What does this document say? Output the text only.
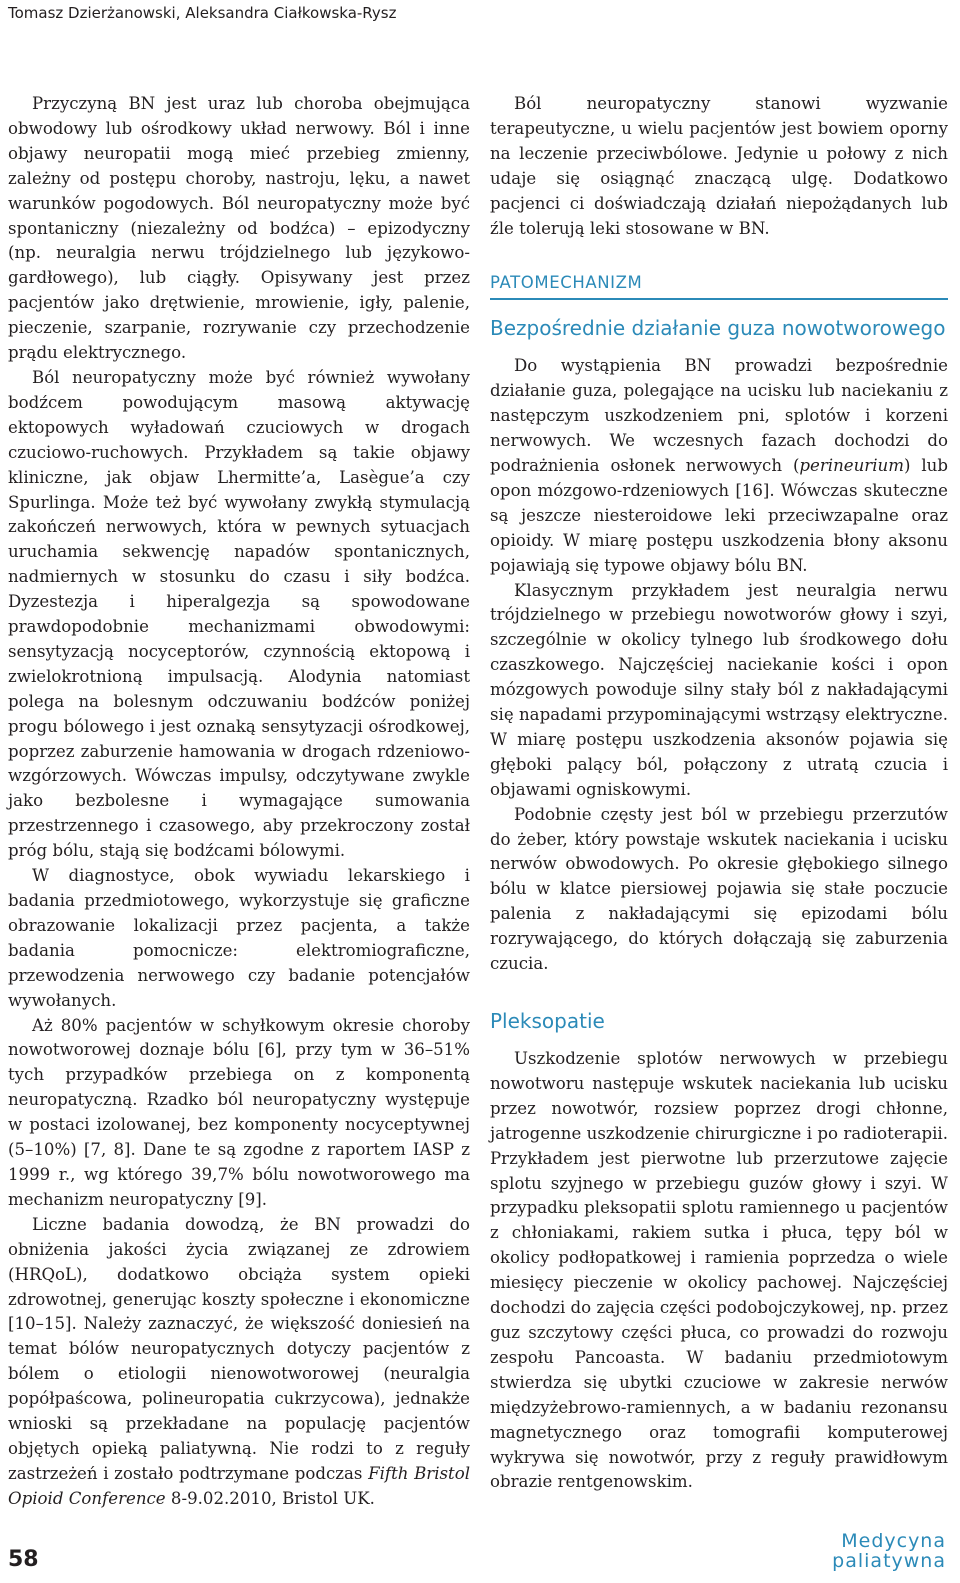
Tomasz Dzierżanowski, Aleksandra Ciałkowska-Rysz

Przyczyną BN jest uraz lub choroba obejmująca obwodowy lub ośrodkowy układ nerwowy. Ból i inne objawy neuropatii mogą mieć przebieg zmienny, zależny od postępu choroby, nastroju, lęku, a nawet warunków pogodowych. Ból neuropatyczny może być spontaniczny (niezależny od bodźca) – epizodyczny (np. neuralgia nerwu trójdzielnego lub językowo-gardłowego), lub ciągły. Opisywany jest przez pacjentów jako drętwienie, mrowienie, igły, palenie, pieczenie, szarpanie, rozrywanie czy przechodzenie prądu elektrycznego.

Ból neuropatyczny może być również wywołany bodźcem powodującym masową aktywację ektopowych wyładowań czuciowych w drogach czuciowo-ruchowych. Przykładem są takie objawy kliniczne, jak objaw Lhermitte’a, Lasègue’a czy Spurlinga. Może też być wywołany zwykłą stymulacją zakończeń nerwowych, która w pewnych sytuacjach uruchamia sekwencję napadów spontanicznych, nadmiernych w stosunku do czasu i siły bodźca. Dyzestezja i hiperalgezja są spowodowane prawdopodobnie mechanizmami obwodowymi: sensytyzacją nocyceptorów, czynnością ektopową i zwielokrotnioną impulsacją. Alodynia natomiast polega na bolesnym odczuwaniu bodźców poniżej progu bólowego i jest oznaką sensytyzacji ośrodkowej, poprzez zaburzenie hamowania w drogach rdzeniowo-wzgórzowych. Wówczas impulsy, odczytywane zwykle jako bezbolesne i wymagające sumowania przestrzennego i czasowego, aby przekroczony został próg bólu, stają się bodźcami bólowymi.

W diagnostyce, obok wywiadu lekarskiego i badania przedmiotowego, wykorzystuje się graficzne obrazowanie lokalizacji przez pacjenta, a także badania pomocnicze: elektromiograficzne, przewodzenia nerwowego czy badanie potencjałów wywołanych.

Aż 80% pacjentów w schyłkowym okresie choroby nowotworowej doznaje bólu [6], przy tym w 36–51% tych przypadków przebiega on z komponentą neuropatyczną. Rzadko ból neuropatyczny występuje w postaci izolowanej, bez komponenty nocyceptywnej (5–10%) [7, 8]. Dane te są zgodne z raportem IASP z 1999 r., wg którego 39,7% bólu nowotworowego ma mechanizm neuropatyczny [9].

Liczne badania dowodzą, że BN prowadzi do obniżenia jakości życia związanej ze zdrowiem (HRQoL), dodatkowo obciąża system opieki zdrowotnej, generując koszty społeczne i ekonomiczne [10–15]. Należy zaznaczyć, że większość doniesień na temat bólów neuropatycznych dotyczy pacjentów z bólem o etiologii nienowotworowej (neuralgia popółpaścowa, polineuropatia cukrzycowa), jednakże wnioski są przekładane na populację pacjentów objętych opieką paliatywną. Nie rodzi to z reguły zastrzeżeń i zostało podtrzymane podczas Fifth Bristol Opioid Conference 8-9.02.2010, Bristol UK.

Ból neuropatyczny stanowi wyzwanie terapeutyczne, u wielu pacjentów jest bowiem oporny na leczenie przeciwbólowe. Jedynie u połowy z nich udaje się osiągnąć znaczącą ulgę. Dodatkowo pacjenci ci doświadczają działań niepożądanych lub źle tolerują leki stosowane w BN.

PATOMECHANIZM
Bezpośrednie działanie guza nowotworowego

Do wystąpienia BN prowadzi bezpośrednie działanie guza, polegające na ucisku lub naciekaniu z następczym uszkodzeniem pni, splotów i korzeni nerwowych. We wczesnych fazach dochodzi do podrażnienia osłonek nerwowych (perineurium) lub opon mózgowo-rdzeniowych [16]. Wówczas skuteczne są jeszcze niesteroidowe leki przeciwzapalne oraz opioidy. W miarę postępu uszkodzenia błony aksonu pojawiają się typowe objawy bólu BN.

Klasycznym przykładem jest neuralgia nerwu trójdzielnego w przebiegu nowotworów głowy i szyi, szczególnie w okolicy tylnego lub środkowego dołu czaszkowego. Najczęściej naciekanie kości i opon mózgowych powoduje silny stały ból z nakładającymi się napadami przypominającymi wstrząsy elektryczne. W miarę postępu uszkodzenia aksonów pojawia się głęboki palący ból, połączony z utratą czucia i objawami ogniskowymi.

Podobnie częsty jest ból w przebiegu przerzutów do żeber, który powstaje wskutek naciekania i ucisku nerwów obwodowych. Po okresie głębokiego silnego bólu w klatce piersiowej pojawia się stałe poczucie palenia z nakładającymi się epizodami bólu rozrywającego, do których dołączają się zaburzenia czucia.

Pleksopatie

Uszkodzenie splotów nerwowych w przebiegu nowotworu następuje wskutek naciekania lub ucisku przez nowotwór, rozsiew poprzez drogi chłonne, jatrogenne uszkodzenie chirurgiczne i po radioterapii. Przykładem jest pierwotne lub przerzutowe zajęcie splotu szyjnego w przebiegu guzów głowy i szyi. W przypadku pleksopatii splotu ramiennego u pacjentów z chłoniakami, rakiem sutka i płuca, tępy ból w okolicy podłopatkowej i ramienia poprzedza o wiele miesięcy pieczenie w okolicy pachowej. Najczęściej dochodzi do zajęcia części podobojczykowej, np. przez guz szczytowy części płuca, co prowadzi do rozwoju zespołu Pancoasta. W badaniu przedmiotowym stwierdza się ubytki czuciowe w zakresie nerwów międzyżebrowo-ramiennych, a w badaniu rezonansu magnetycznego oraz tomografii komputerowej wykrywa się nowotwór, przy z reguły prawidłowym obrazie rentgenowskim.

58
Medycyna
paliatywna
